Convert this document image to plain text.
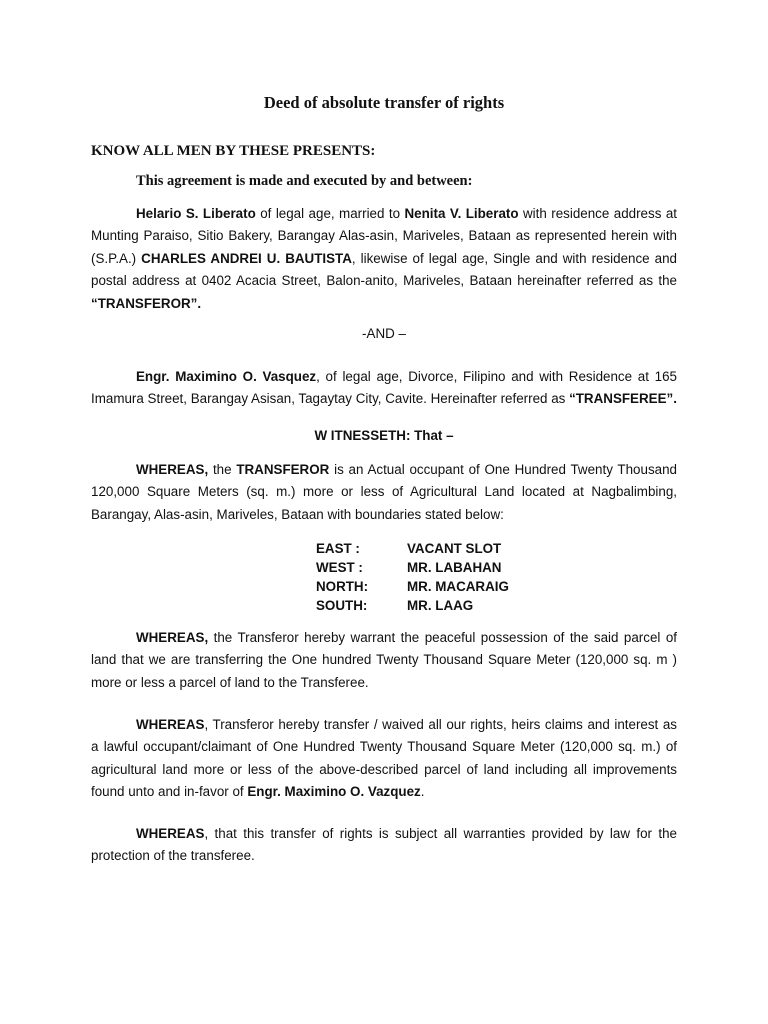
Deed of absolute transfer of rights
KNOW ALL MEN BY THESE PRESENTS:
This agreement is made and executed by and between:

Helario S. Liberato of legal age, married to Nenita V. Liberato with residence address at Munting Paraiso, Sitio Bakery, Barangay Alas-asin, Mariveles, Bataan as represented herein with (S.P.A.) CHARLES ANDREI U. BAUTISTA, likewise of legal age, Single and with residence and postal address at 0402 Acacia Street, Balon-anito, Mariveles, Bataan hereinafter referred as the “TRANSFEROR”.

-AND –

Engr. Maximino O. Vasquez, of legal age, Divorce, Filipino and with Residence at 165 Imamura Street, Barangay Asisan, Tagaytay City, Cavite. Hereinafter referred as “TRANSFEREE”.

W ITNESSETH: That –

WHEREAS, the TRANSFEROR is an Actual occupant of One Hundred Twenty Thousand 120,000 Square Meters (sq. m.) more or less of Agricultural Land located at Nagbalimbing, Barangay, Alas-asin, Mariveles, Bataan with boundaries stated below:

EAST :	VACANT SLOT
WEST :	MR. LABAHAN
NORTH:	MR. MACARAIG
SOUTH:	MR. LAAG

WHEREAS, the Transferor hereby warrant the peaceful possession of the said parcel of land that we are transferring the One hundred Twenty Thousand Square Meter (120,000 sq. m ) more or less a parcel of land to the Transferee.

WHEREAS, Transferor hereby transfer / waived all our rights, heirs claims and interest as a lawful occupant/claimant of One Hundred Twenty Thousand Square Meter (120,000 sq. m.) of agricultural land more or less of the above-described parcel of land including all improvements found unto and in-favor of Engr. Maximino O. Vazquez.

WHEREAS, that this transfer of rights is subject all warranties provided by law for the protection of the transferee.
